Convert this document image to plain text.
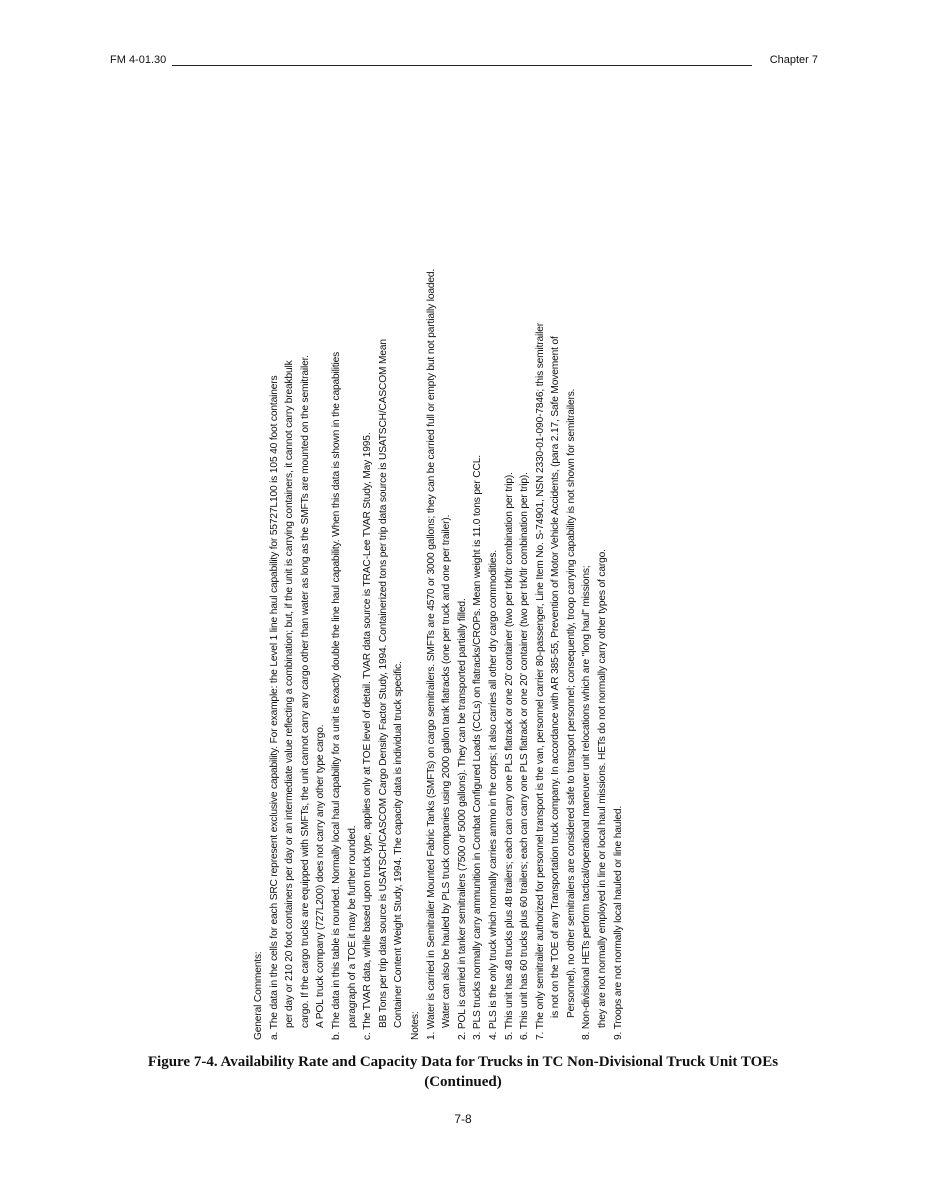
FM 4-01.30	Chapter 7
General Comments: a. The data in the cells for each SRC represent exclusive capability. For example: the Level 1 line haul capability for 55727L100 is 105 40 foot containers per day or 210 20 foot containers per day or an intermediate value reflecting a combination; but, if the unit is carrying containers, it cannot carry breakbulk cargo. If the cargo trucks are equipped with SMFTs, the unit cannot carry any cargo other than water as long as the SMFTs are mounted on the semitrailer. A POL truck company (727L200) does not carry any other type cargo. b. The data in this table is rounded. Normally local haul capability for a unit is exactly double the line haul capability. When this data is shown in the capabilities paragraph of a TOE it may be further rounded. c. The TVAR data, while based upon truck type, applies only at TOE level of detail. TVAR data source is TRAC-Lee TVAR Study, May 1995. BB Tons per trip data source is USATSCH/CASCOM Cargo Density Factor Study, 1994. Containerized tons per trip data source is USATSCH/CASCOM Mean Container Content Weight Study, 1994. The capacity data is individual truck specific. Notes: 1. Water is carried in Semitrailer Mounted Fabric Tanks (SMFTs) on cargo semitrailers. SMFTs are 4570 or 3000 gallons; they can be carried full or empty but not partially loaded. Water can also be hauled by PLS truck companies using 2000 gallon tank flatracks (one per truck and one per trailer). 2. POL is carried in tanker semitrailers (7500 or 5000 gallons). They can be transported partially filled. 3. PLS trucks normally carry ammunition in Combat Configured Loads (CCLs) on flatracks/CROPs. Mean weight is 11.0 tons per CCL. 4. PLS is the only truck which normally carries ammo in the corps; it also carries all other dry cargo commodities. 5. This unit has 48 trucks plus 48 trailers; each can carry one PLS flatrack or one 20' container (two per trk/tlr combination per trip). 6. This unit has 60 trucks plus 60 trailers; each can carry one PLS flatrack or one 20' container (two per trk/tlr combination per trip). 7. The only semitrailer authorized for personnel transport is the van, personnel carrier 80-passenger, Line Item No. S-74901, NSN 2330-01-090-7846; this semitrailer is not on the TOE of any Transportation truck company. In accordance with AR 385-55, Prevention of Motor Vehicle Accidents, (para 2.17, Safe Movement of Personnel), no other semitrailers are considered safe to transport personnel; consequently, troop carrying capability is not shown for semitrailers. 8. Non-divisional HETs perform tactical/operational maneuver unit relocations which are "long haul" missions; they are not normally employed in line or local haul missions. HETs do not normally carry other types of cargo. 9. Troops are not normally local hauled or line hauled.
Figure 7-4. Availability Rate and Capacity Data for Trucks in TC Non-Divisional Truck Unit TOEs
(Continued)
7-8
